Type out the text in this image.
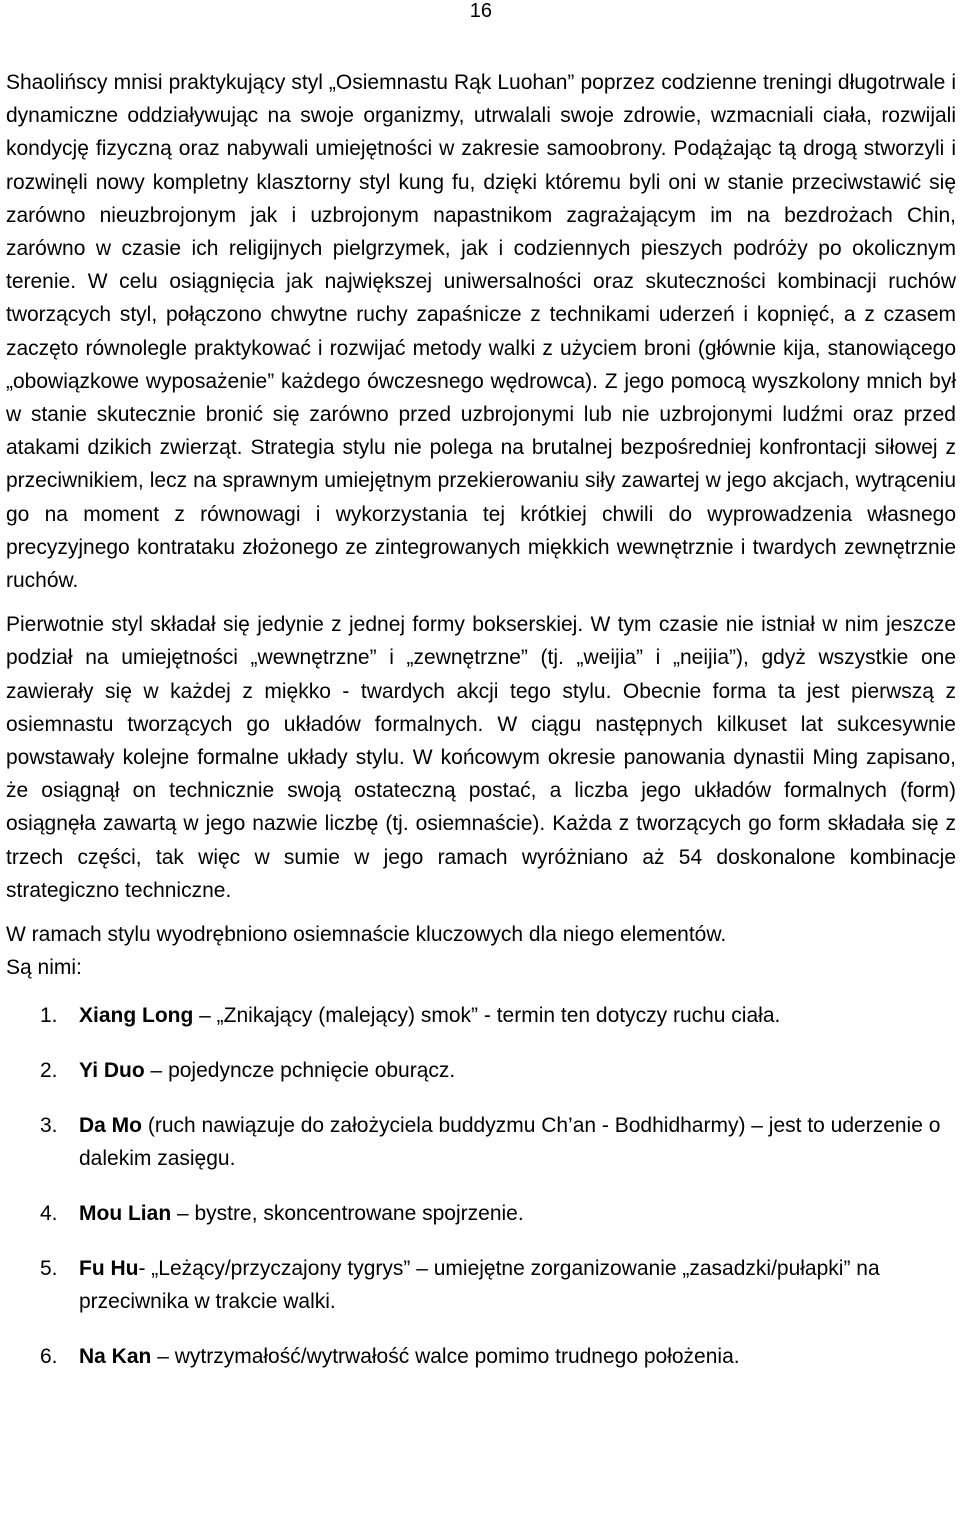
16

Shaolińscy mnisi praktykujący styl „Osiemnastu Rąk Luohan” poprzez codzienne treningi długotrwale i dynamiczne oddziaływując na swoje organizmy, utrwalali swoje zdrowie, wzmacniali ciała, rozwijali kondycję fizyczną oraz nabywali umiejętności w zakresie samoobrony. Podążając tą drogą stworzyli i rozwinęli nowy kompletny klasztorny styl kung fu, dzięki któremu byli oni w stanie przeciwstawić się zarówno nieuzbrojonym jak i uzbrojonym napastnikom zagrażającym im na bezdrożach Chin, zarówno w czasie ich religijnych pielgrzymek, jak i codziennych pieszych podróży po okolicznym terenie. W celu osiągnięcia jak największej uniwersalności oraz skuteczności kombinacji ruchów tworzących styl, połączono chwytne ruchy zapaśnicze z technikami uderzeń i kopnięć, a z czasem zaczęto równolegle praktykować i rozwijać metody walki z użyciem broni (głównie kija, stanowiącego „obowiązkowe wyposażenie” każdego ówczesnego wędrowca). Z jego pomocą wyszkolony mnich był w stanie skutecznie bronić się zarówno przed uzbrojonymi lub nie uzbrojonymi ludźmi oraz przed atakami dzikich zwierząt. Strategia stylu nie polega na brutalnej bezpośredniej konfrontacji siłowej z przeciwnikiem, lecz na sprawnym umiejętnym przekierowaniu siły zawartej w jego akcjach, wytrąceniu go na moment z równowagi i wykorzystania tej krótkiej chwili do wyprowadzenia własnego precyzyjnego kontrataku złożonego ze zintegrowanych miękkich wewnętrznie i twardych zewnętrznie ruchów.

Pierwotnie styl składał się jedynie z jednej formy bokserskiej. W tym czasie nie istniał w nim jeszcze podział na umiejętności „wewnętrzne” i „zewnętrzne” (tj. „weijia” i „neijia”), gdyż wszystkie one zawierały się w każdej z miękko - twardych akcji tego stylu. Obecnie forma ta jest pierwszą z osiemnastu tworzących go układów formalnych. W ciągu następnych kilkuset lat sukcesywnie powstawały kolejne formalne układy stylu. W końcowym okresie panowania dynastii Ming zapisano, że osiągnął on technicznie swoją ostateczną postać, a liczba jego układów formalnych (form) osiągnęła zawartą w jego nazwie liczbę (tj. osiemnaście). Każda z tworzących go form składała się z trzech części, tak więc w sumie w jego ramach wyróżniano aż 54 doskonalone kombinacje strategiczno techniczne.

W ramach stylu wyodrębniono osiemnaście kluczowych dla niego elementów.
Są nimi:
1. Xiang Long – „Znikający (malejący) smok” - termin ten dotyczy ruchu ciała.
2. Yi Duo – pojedyncze pchnięcie oburącz.
3. Da Mo (ruch nawiązuje do założyciela buddyzmu Ch’an - Bodhidharmy) – jest to uderzenie o dalekim zasięgu.
4. Mou Lian – bystre, skoncentrowane spojrzenie.
5. Fu Hu- „Leżący/przyczajony tygrys” – umiejętne zorganizowanie „zasadzki/pułapki” na przeciwnika w trakcie walki.
6. Na Kan – wytrzymałość/wytrwałość walce pomimo trudnego położenia.
